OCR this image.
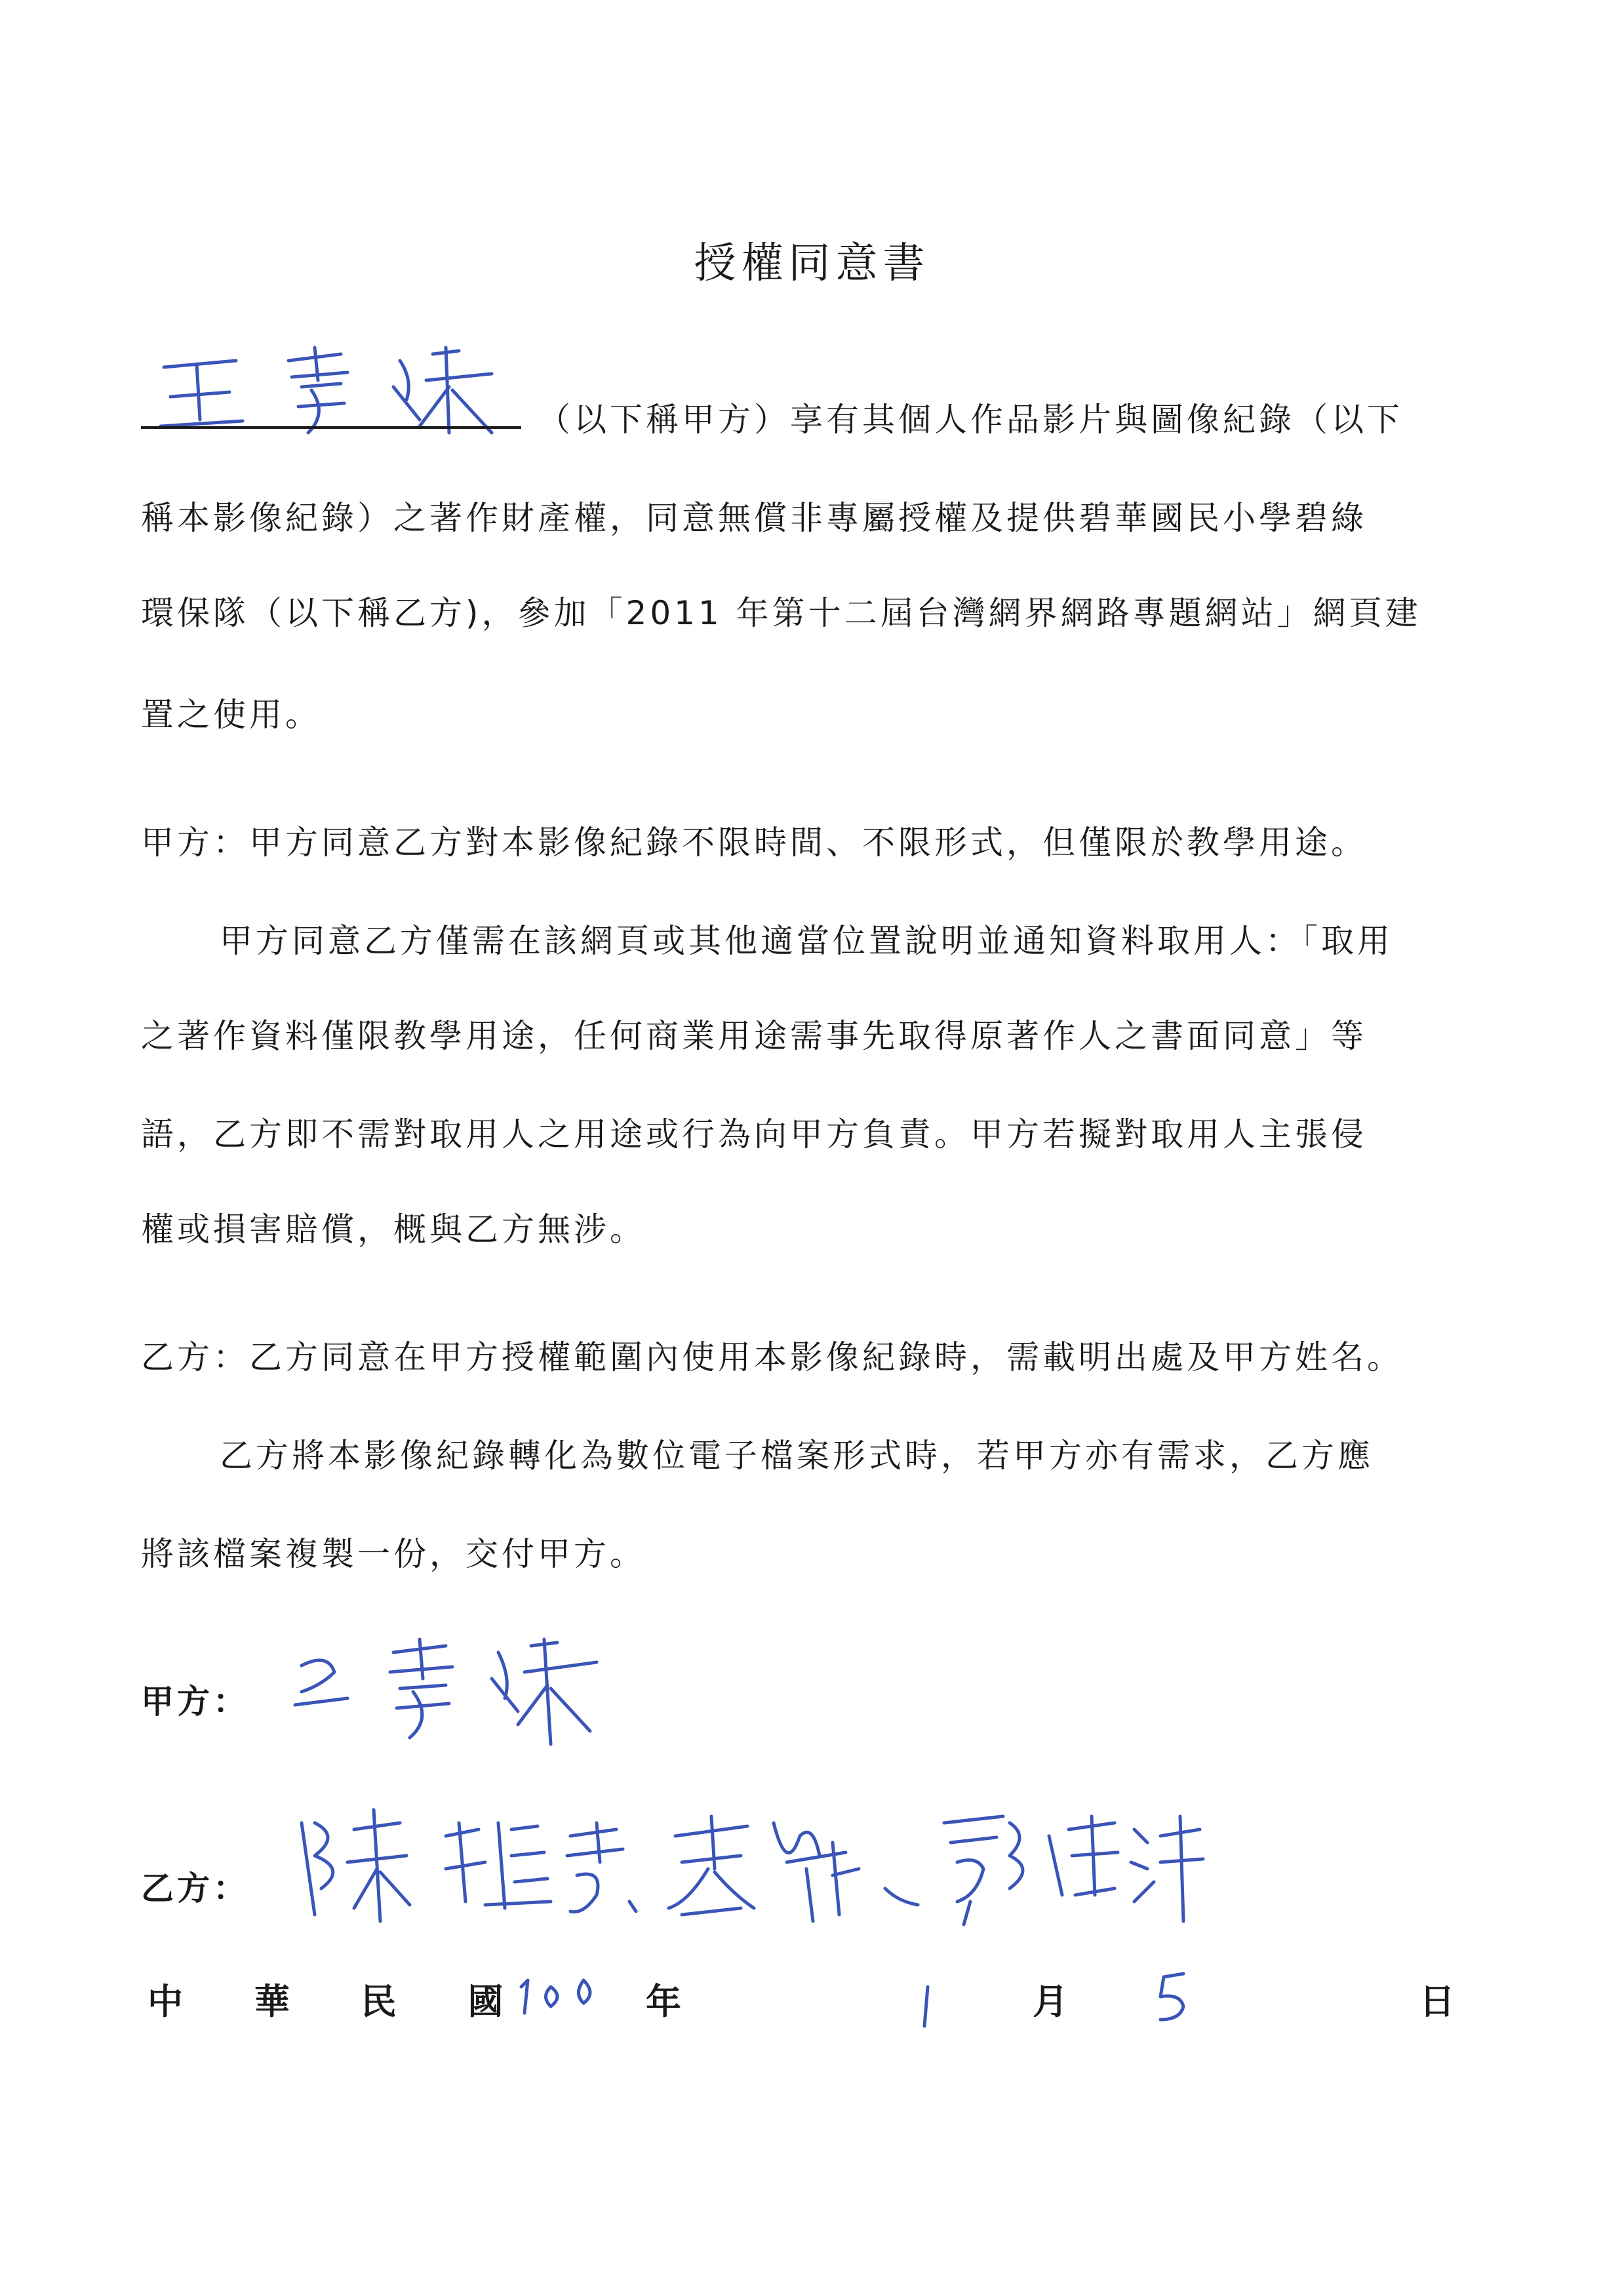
授權同意書
（以下稱甲方）享有其個人作品影片與圖像紀錄（以下
稱本影像紀錄）之著作財產權，同意無償非專屬授權及提供碧華國民小學碧綠
環保隊（以下稱乙方)，參加「2011 年第十二屆台灣網界網路專題網站」網頁建
置之使用。
甲方：甲方同意乙方對本影像紀錄不限時間、不限形式，但僅限於教學用途。
甲方同意乙方僅需在該網頁或其他適當位置說明並通知資料取用人：「取用
之著作資料僅限教學用途，任何商業用途需事先取得原著作人之書面同意」等
語，乙方即不需對取用人之用途或行為向甲方負責。甲方若擬對取用人主張侵
權或損害賠償，概與乙方無涉。
乙方：乙方同意在甲方授權範圍內使用本影像紀錄時，需載明出處及甲方姓名。
乙方將本影像紀錄轉化為數位電子檔案形式時，若甲方亦有需求，乙方應
將該檔案複製一份，交付甲方。
甲方：
乙方：
中 華 民 國	年	月	日
